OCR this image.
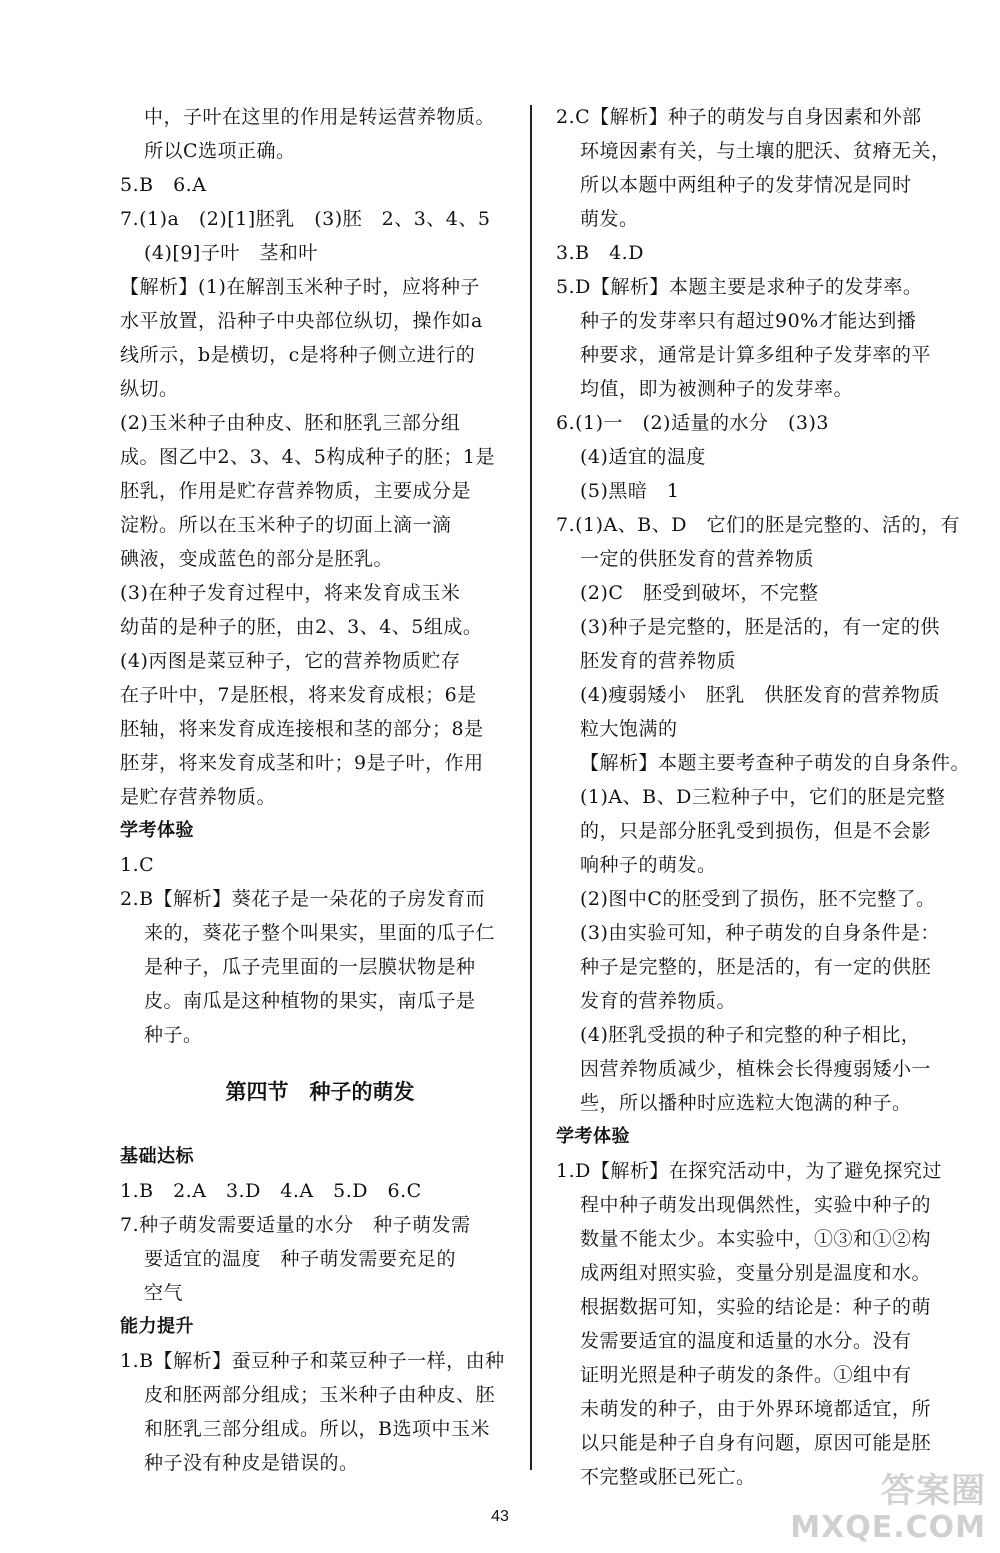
中，子叶在这里的作用是转运营养物质。
所以C选项正确。
5.B　6.A
7.(1)a　(2)[1]胚乳　(3)胚　2、3、4、5
(4)[9]子叶　茎和叶
【解析】(1)在解剖玉米种子时，应将种子
水平放置，沿种子中央部位纵切，操作如a
线所示，b是横切，c是将种子侧立进行的
纵切。
(2)玉米种子由种皮、胚和胚乳三部分组
成。图乙中2、3、4、5构成种子的胚；1是
胚乳，作用是贮存营养物质，主要成分是
淀粉。所以在玉米种子的切面上滴一滴
碘液，变成蓝色的部分是胚乳。
(3)在种子发育过程中，将来发育成玉米
幼苗的是种子的胚，由2、3、4、5组成。
(4)丙图是菜豆种子，它的营养物质贮存
在子叶中，7是胚根，将来发育成根；6是
胚轴，将来发育成连接根和茎的部分；8是
胚芽，将来发育成茎和叶；9是子叶，作用
是贮存营养物质。
学考体验
1.C
2.B【解析】葵花子是一朵花的子房发育而
来的，葵花子整个叫果实，里面的瓜子仁
是种子，瓜子壳里面的一层膜状物是种
皮。南瓜是这种植物的果实，南瓜子是
种子。
第四节　种子的萌发
基础达标
1.B　2.A　3.D　4.A　5.D　6.C
7.种子萌发需要适量的水分　种子萌发需
要适宜的温度　种子萌发需要充足的
空气
能力提升
1.B【解析】蚕豆种子和菜豆种子一样，由种
皮和胚两部分组成；玉米种子由种皮、胚
和胚乳三部分组成。所以，B选项中玉米
种子没有种皮是错误的。
2.C【解析】种子的萌发与自身因素和外部
环境因素有关，与土壤的肥沃、贫瘠无关，
所以本题中两组种子的发芽情况是同时
萌发。
3.B　4.D
5.D【解析】本题主要是求种子的发芽率。
种子的发芽率只有超过90%才能达到播
种要求，通常是计算多组种子发芽率的平
均值，即为被测种子的发芽率。
6.(1)一　(2)适量的水分　(3)3
(4)适宜的温度
(5)黑暗　1
7.(1)A、B、D　它们的胚是完整的、活的，有
一定的供胚发育的营养物质
(2)C　胚受到破坏，不完整
(3)种子是完整的，胚是活的，有一定的供
胚发育的营养物质
(4)瘦弱矮小　胚乳　供胚发育的营养物质
粒大饱满的
【解析】本题主要考查种子萌发的自身条件。
(1)A、B、D三粒种子中，它们的胚是完整
的，只是部分胚乳受到损伤，但是不会影
响种子的萌发。
(2)图中C的胚受到了损伤，胚不完整了。
(3)由实验可知，种子萌发的自身条件是：
种子是完整的，胚是活的，有一定的供胚
发育的营养物质。
(4)胚乳受损的种子和完整的种子相比，
因营养物质减少，植株会长得瘦弱矮小一
些，所以播种时应选粒大饱满的种子。
学考体验
1.D【解析】在探究活动中，为了避免探究过
程中种子萌发出现偶然性，实验中种子的
数量不能太少。本实验中，①③和①②构
成两组对照实验，变量分别是温度和水。
根据数据可知，实验的结论是：种子的萌
发需要适宜的温度和适量的水分。没有
证明光照是种子萌发的条件。①组中有
未萌发的种子，由于外界环境都适宜，所
以只能是种子自身有问题，原因可能是胚
不完整或胚已死亡。
43
答案圈
MXQE.COM
